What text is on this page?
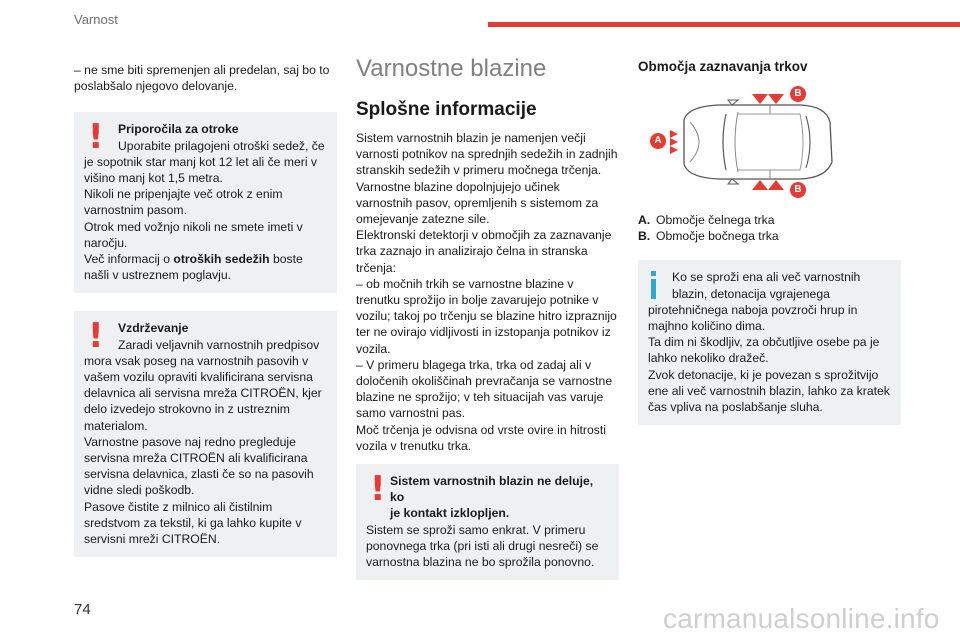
Varnost

– ne sme biti spremenjen ali predelan, saj bo to poslabšalo njegovo delovanje.

!	Priporočila za otroke

Uporabite prilagojeni otroški sedež, če

je sopotnik star manj kot 12 let ali če meri v višino manj kot 1,5 metra.

Nikoli ne pripenjajte več otrok z enim varnostnim pasom.

Otrok med vožnjo nikoli ne smete imeti v naročju.

Več informacij o otroških sedežih boste našli v ustreznem poglavju.

!	Vzdrževanje

Zaradi veljavnih varnostnih predpisov

mora vsak poseg na varnostnih pasovih v vašem vozilu opraviti kvalificirana servisna delavnica ali servisna mreža CITROËN, kjer delo izvedejo strokovno in z ustreznim materialom.

Varnostne pasove naj redno pregleduje servisna mreža CITROËN ali kvalificirana servisna delavnica, zlasti če so na pasovih vidne sledi poškodb.

Pasove čistite z milnico ali čistilnim sredstvom za tekstil, ki ga lahko kupite v servisni mreži CITROËN.

Varnostne blazine
Splošne informacije

Sistem varnostnih blazin je namenjen večji varnosti potnikov na sprednjih sedežih in zadnjih stranskih sedežih v primeru močnega trčenja. Varnostne blazine dopolnjujejo učinek varnostnih pasov, opremljenih s sistemom za omejevanje zatezne sile.

Elektronski detektorji v območjih za zaznavanje trka zaznajo in analizirajo čelna in stranska trčenja:

– ob močnih trkih se varnostne blazine v trenutku sprožijo in bolje zavarujejo potnike v vozilu; takoj po trčenju se blazine hitro izpraznijo ter ne ovirajo vidljivosti in izstopanja potnikov iz vozila.

– V primeru blagega trka, trka od zadaj ali v določenih okoliščinah prevračanja se varnostne blazine ne sprožijo; v teh situacijah vas varuje samo varnostni pas.

Moč trčenja je odvisna od vrste ovire in hitrosti vozila v trenutku trka.

! Sistem varnostnih blazin ne deluje, ko

je kontakt izklopljen.

Sistem se sproži samo enkrat. V primeru ponovnega trka (pri isti ali drugi nesreči) se varnostna blazina ne bo sprožila ponovno.

Območja zaznavanja trkov
A
B
B

A. Območje čelnega trka

B. Območje bočnega trka

Ko se sproži ena ali več varnostnih

blazin, detonacija vgrajenega

pirotehničnega naboja povzroči hrup in majhno količino dima.

Ta dim ni škodljiv, za občutljive osebe pa je lahko nekoliko dražeč.

Zvok detonacije, ki je povezan s sprožitvijo ene ali več varnostnih blazin, lahko za kratek čas vpliva na poslabšanje sluha.

74	carmanualsonline.info
